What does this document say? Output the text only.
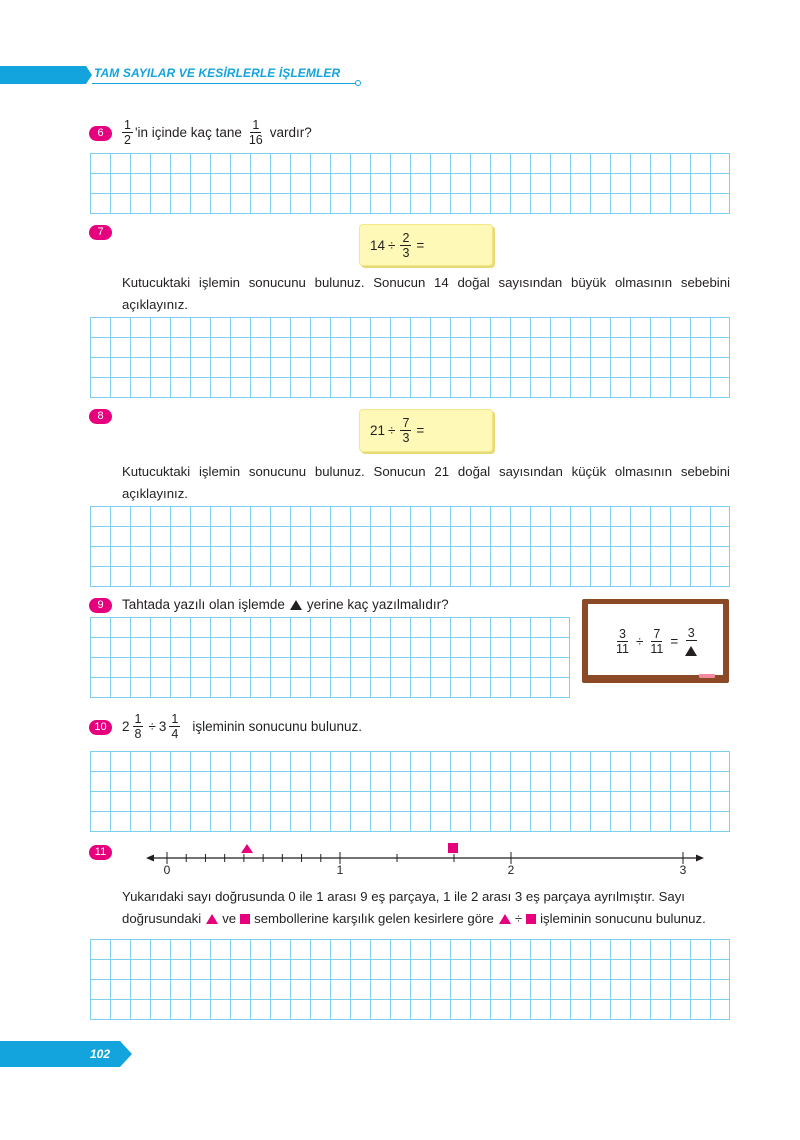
TAM SAYILAR VE KESİRLERLE İŞLEMLER
6	$\frac{1}{2}$ 'in içinde kaç tane $\frac{1}{16}$ vardır?
7
$14 \div \frac{2}{3}$ =
Kutucuktaki işlemin sonucunu bulunuz. Sonucun 14 doğal sayısından büyük olmasının sebebini açıklayınız.
8
$21 \div \frac{7}{3}$ =
Kutucuktaki işlemin sonucunu bulunuz. Sonucun 21 doğal sayısından küçük olmasının sebebini açıklayınız.
9	Tahtada yazılı olan işlemde yerine kaç yazılmalıdır?
$\frac{3}{11} \div \frac{7}{11}$ =
3
10	$2 \frac{1}{8} \div 3 \frac{1}{4}$ işleminin sonucunu bulunuz.
11
0	1	2	3
Yukarıdaki sayı doğrusunda 0 ile 1 arası 9 eş parçaya, 1 ile 2 arası 3 eş parçaya ayrılmıştır. Sayı
doğrusundaki ve sembollerine karşılık gelen kesirlere göre ÷ işleminin sonucunu bulunuz.
102
